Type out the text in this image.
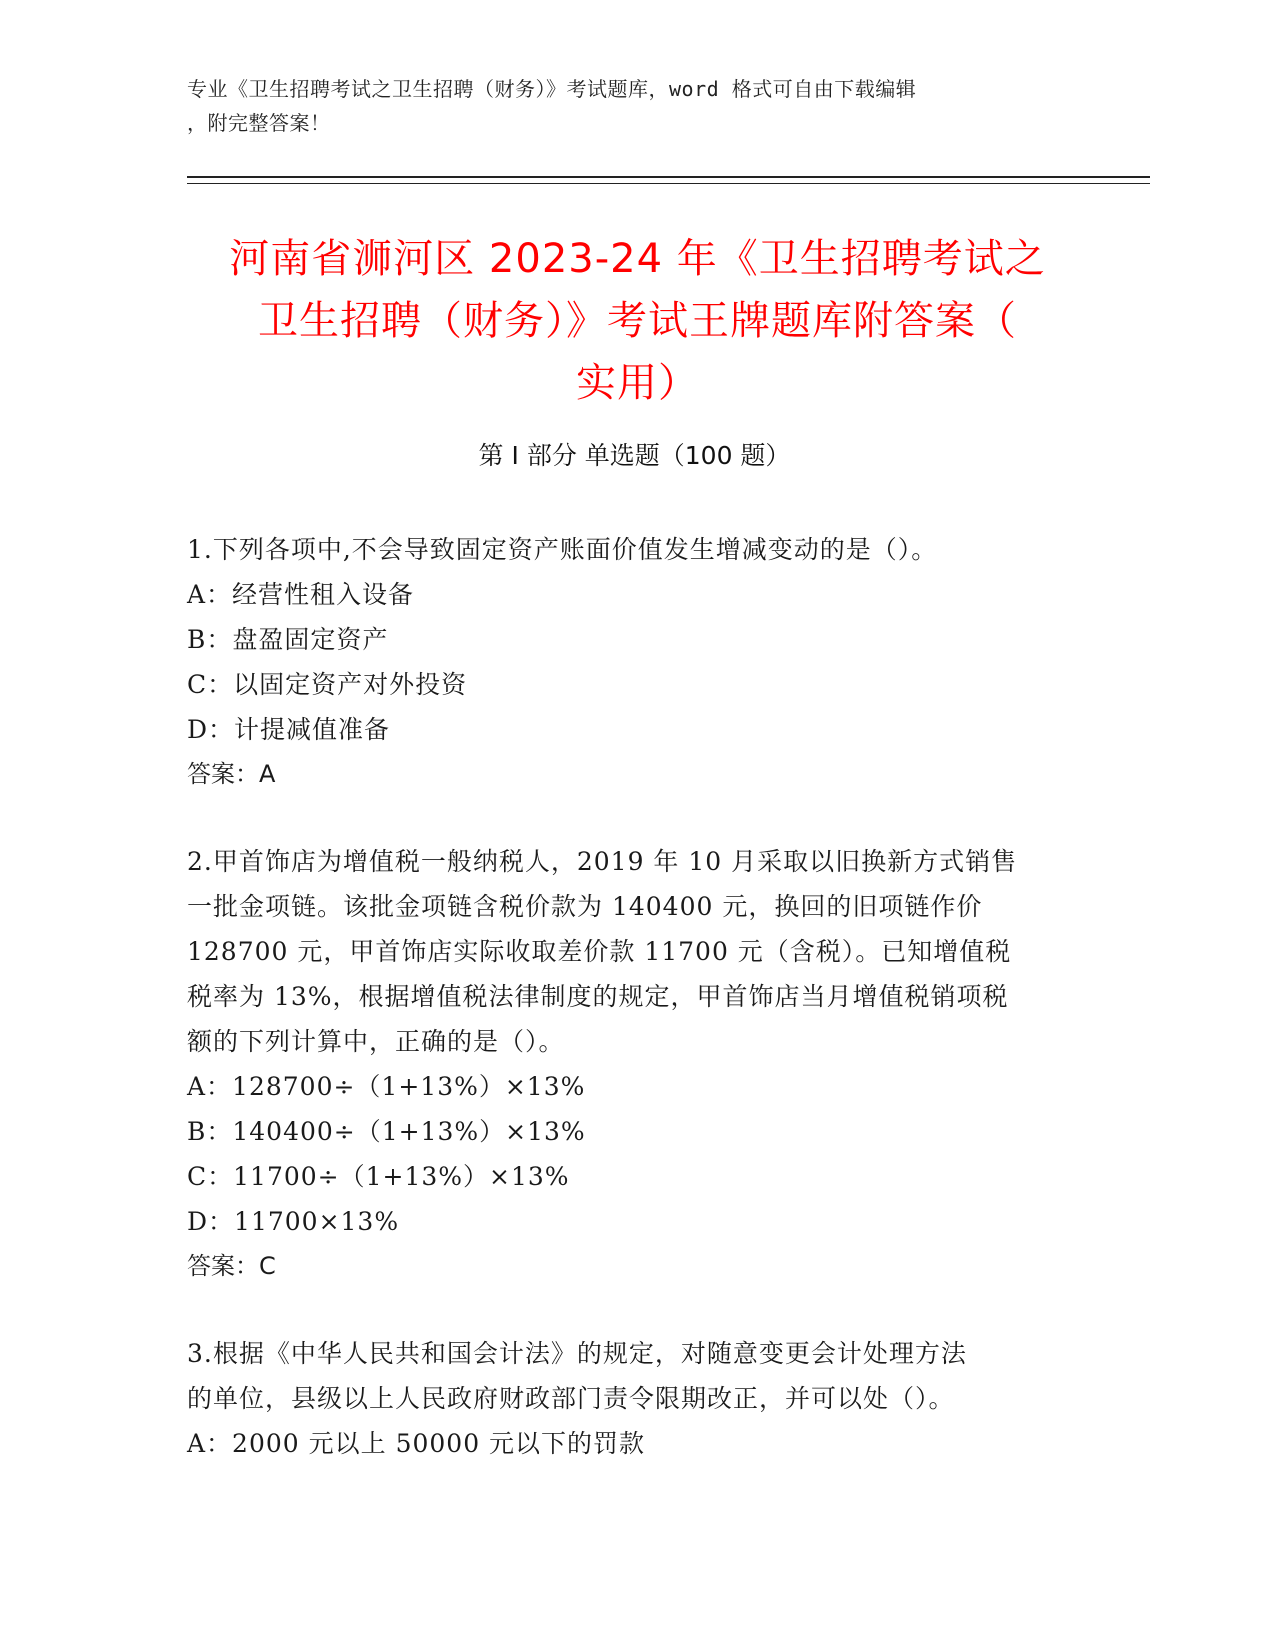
专业《卫生招聘考试之卫生招聘（财务）》考试题库，word 格式可自由下载编辑
，附完整答案！
河南省浉河区 2023-24 年《卫生招聘考试之
卫生招聘（财务）》考试王牌题库附答案（
实用）
第 I 部分 单选题（100 题）

1.下列各项中,不会导致固定资产账面价值发生增减变动的是（）。

A：经营性租入设备

B：盘盈固定资产

C：以固定资产对外投资

D：计提减值准备

答案：A

2.甲首饰店为增值税一般纳税人，2019 年 10 月采取以旧换新方式销售

一批金项链。该批金项链含税价款为 140400 元，换回的旧项链作价

128700 元，甲首饰店实际收取差价款 11700 元（含税）。已知增值税

税率为 13%，根据增值税法律制度的规定，甲首饰店当月增值税销项税

额的下列计算中，正确的是（）。

A：128700÷（1+13%）×13%

B：140400÷（1+13%）×13%

C：11700÷（1+13%）×13%

D：11700×13%

答案：C

3.根据《中华人民共和国会计法》的规定，对随意变更会计处理方法

的单位，县级以上人民政府财政部门责令限期改正，并可以处（）。

A：2000 元以上 50000 元以下的罚款
